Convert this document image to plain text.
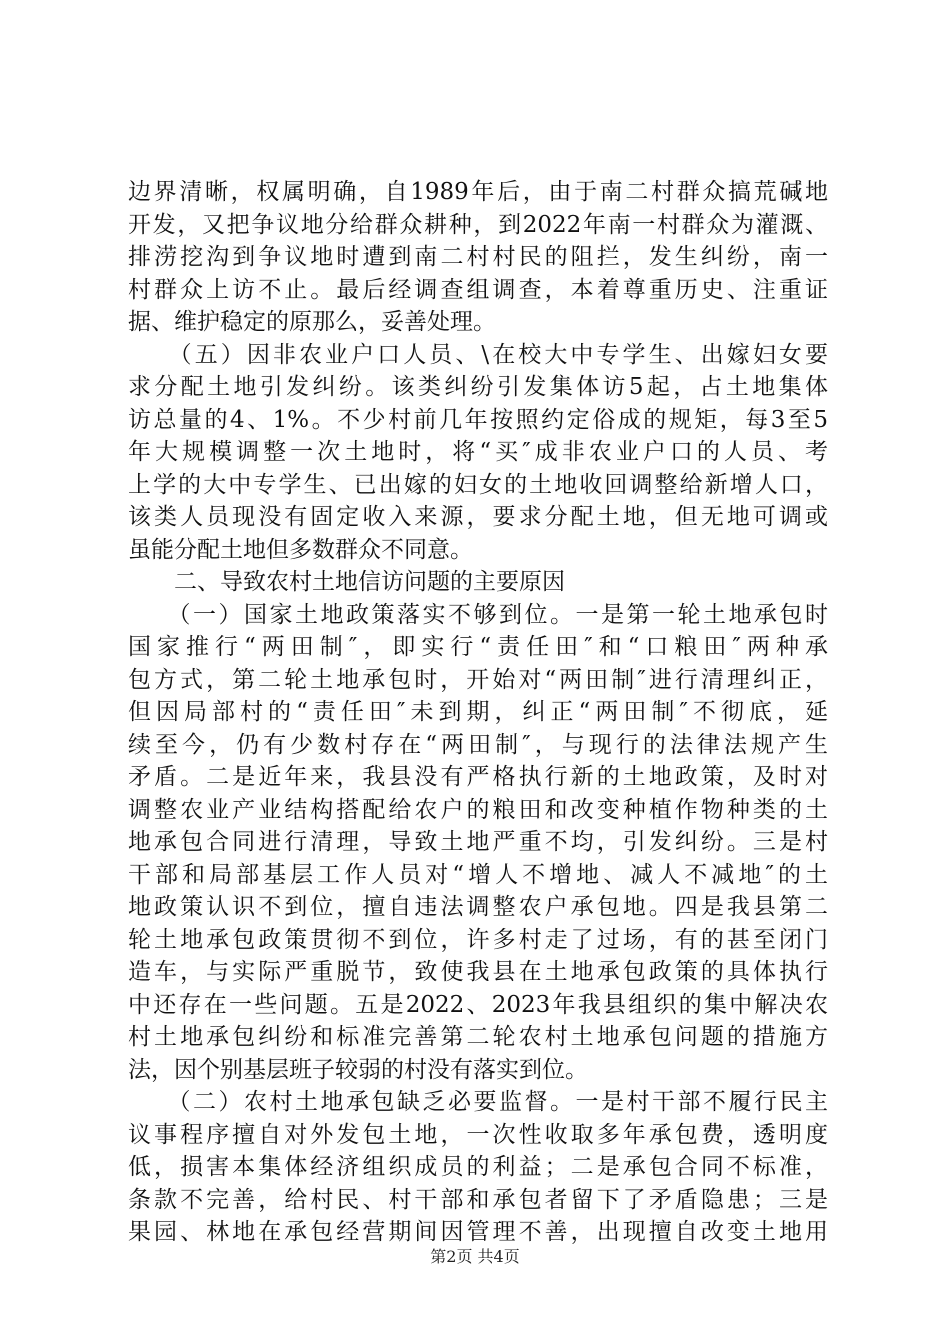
边界清晰，权属明确，自1989年后，由于南二村群众搞荒碱地
开发，又把争议地分给群众耕种，到2022年南一村群众为灌溉、
排涝挖沟到争议地时遭到南二村村民的阻拦，发生纠纷，南一
村群众上访不止。最后经调查组调查，本着尊重历史、注重证
据、维护稳定的原那么，妥善处理。
　　（五）因非农业户口人员、\在校大中专学生、出嫁妇女要
求分配土地引发纠纷。该类纠纷引发集体访5起，占土地集体
访总量的4、1%。不少村前几年按照约定俗成的规矩，每3至5
年大规模调整一次土地时，将“买″成非农业户口的人员、考
上学的大中专学生、已出嫁的妇女的土地收回调整给新增人口，
该类人员现没有固定收入来源，要求分配土地，但无地可调或
虽能分配土地但多数群众不同意。
　　二、导致农村土地信访问题的主要原因
　　（一）国家土地政策落实不够到位。一是第一轮土地承包时
国家推行“两田制″，即实行“责任田″和“口粮田″两种承
包方式，第二轮土地承包时，开始对“两田制″进行清理纠正，
但因局部村的“责任田″未到期，纠正“两田制″不彻底，延
续至今，仍有少数村存在“两田制″，与现行的法律法规产生
矛盾。二是近年来，我县没有严格执行新的土地政策，及时对
调整农业产业结构搭配给农户的粮田和改变种植作物种类的土
地承包合同进行清理，导致土地严重不均，引发纠纷。三是村
干部和局部基层工作人员对“增人不增地、减人不减地″的土
地政策认识不到位，擅自违法调整农户承包地。四是我县第二
轮土地承包政策贯彻不到位，许多村走了过场，有的甚至闭门
造车，与实际严重脱节，致使我县在土地承包政策的具体执行
中还存在一些问题。五是2022、2023年我县组织的集中解决农
村土地承包纠纷和标准完善第二轮农村土地承包问题的措施方
法，因个别基层班子较弱的村没有落实到位。
　　（二）农村土地承包缺乏必要监督。一是村干部不履行民主
议事程序擅自对外发包土地，一次性收取多年承包费，透明度
低，损害本集体经济组织成员的利益；二是承包合同不标准，
条款不完善，给村民、村干部和承包者留下了矛盾隐患；三是
果园、林地在承包经营期间因管理不善，出现擅自改变土地用
第2页 共4页
